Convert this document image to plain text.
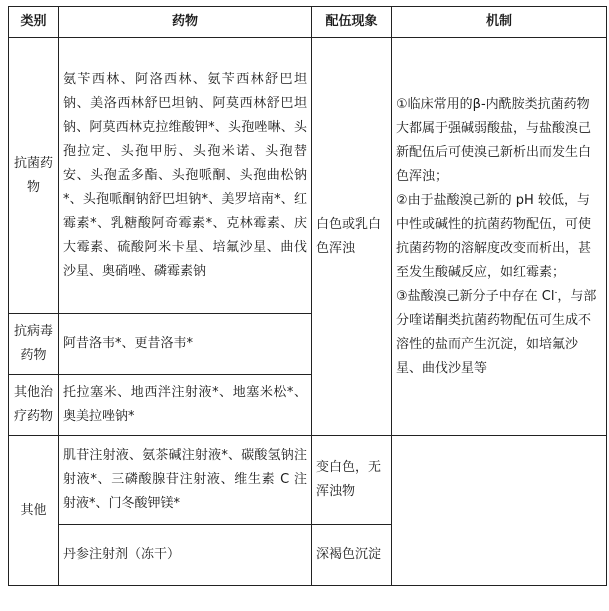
类别	药物	配伍现象	机制
抗菌药物	氨苄西林、阿洛西林、氨苄西林舒巴坦钠、美洛西林舒巴坦钠、阿莫西林舒巴坦钠、阿莫西林克拉维酸钾*、头孢唑啉、头孢拉定、头孢甲肟、头孢米诺、头孢替安、头孢孟多酯、头孢哌酮、头孢曲松钠*、头孢哌酮钠舒巴坦钠*、美罗培南*、红霉素*、乳糖酸阿奇霉素*、克林霉素、庆大霉素、硫酸阿米卡星、培氟沙星、曲伐沙星、奥硝唑、磷霉素钠	白色或乳白色浑浊	①临床常用的β-内酰胺类抗菌药物大都属于强碱弱酸盐，与盐酸溴己新配伍后可使溴己新析出而发生白色浑浊；

②由于盐酸溴己新的 pH 较低，与中性或碱性的抗菌药物配伍，可使抗菌药物的溶解度改变而析出，甚至发生酸碱反应，如红霉素；

③盐酸溴己新分子中存在 Cl-，与部分喹诺酮类抗菌药物配伍可生成不溶性的盐而产生沉淀，如培氟沙星、曲伐沙星等

抗病毒药物	阿昔洛韦*、更昔洛韦*		
其他治疗药物	托拉塞米、地西泮注射液*、地塞米松*、奥美拉唑钠*		
其他	肌苷注射液、氨茶碱注射液*、碳酸氢钠注射液*、三磷酸腺苷注射液、维生素 C 注射液*、门冬酸钾镁*	变白色，无浑浊物	
	丹参注射剂（冻干）	深褐色沉淀	
